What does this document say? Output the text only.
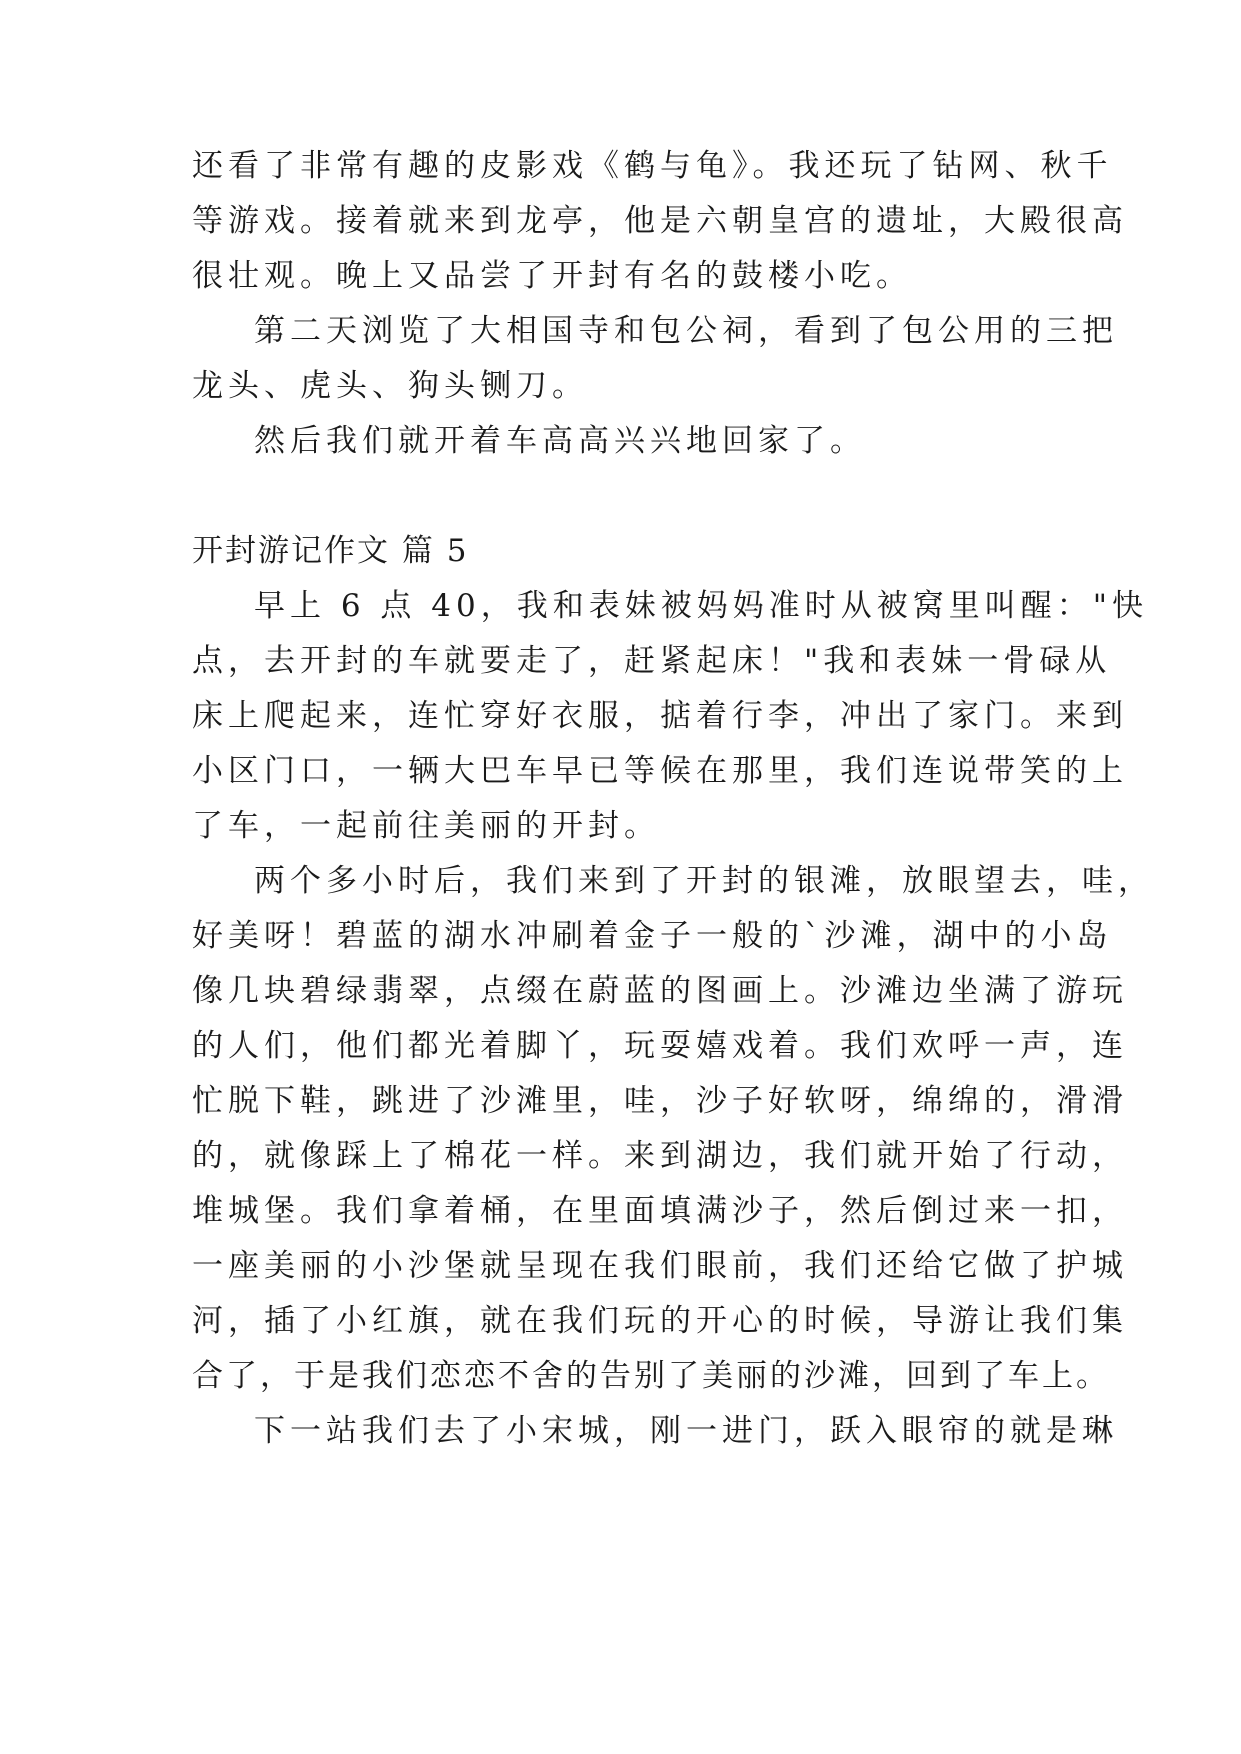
还看了非常有趣的皮影戏《鹤与龟》。我还玩了钻网、秋千
等游戏。接着就来到龙亭，他是六朝皇宫的遗址，大殿很高
很壮观。晚上又品尝了开封有名的鼓楼小吃。
第二天浏览了大相国寺和包公祠，看到了包公用的三把
龙头、虎头、狗头铡刀。
然后我们就开着车高高兴兴地回家了。
开封游记作文 篇 5
早上 6 点 40，我和表妹被妈妈准时从被窝里叫醒："快
点，去开封的车就要走了，赶紧起床！"我和表妹一骨碌从
床上爬起来，连忙穿好衣服，掂着行李，冲出了家门。来到
小区门口，一辆大巴车早已等候在那里，我们连说带笑的上
了车，一起前往美丽的开封。
两个多小时后，我们来到了开封的银滩，放眼望去，哇，
好美呀！碧蓝的湖水冲刷着金子一般的`沙滩，湖中的小岛
像几块碧绿翡翠，点缀在蔚蓝的图画上。沙滩边坐满了游玩
的人们，他们都光着脚丫，玩耍嬉戏着。我们欢呼一声，连
忙脱下鞋，跳进了沙滩里，哇，沙子好软呀，绵绵的，滑滑
的，就像踩上了棉花一样。来到湖边，我们就开始了行动，
堆城堡。我们拿着桶，在里面填满沙子，然后倒过来一扣，
一座美丽的小沙堡就呈现在我们眼前，我们还给它做了护城
河，插了小红旗，就在我们玩的开心的时候，导游让我们集
合了，于是我们恋恋不舍的告别了美丽的沙滩，回到了车上。
下一站我们去了小宋城，刚一进门，跃入眼帘的就是琳
